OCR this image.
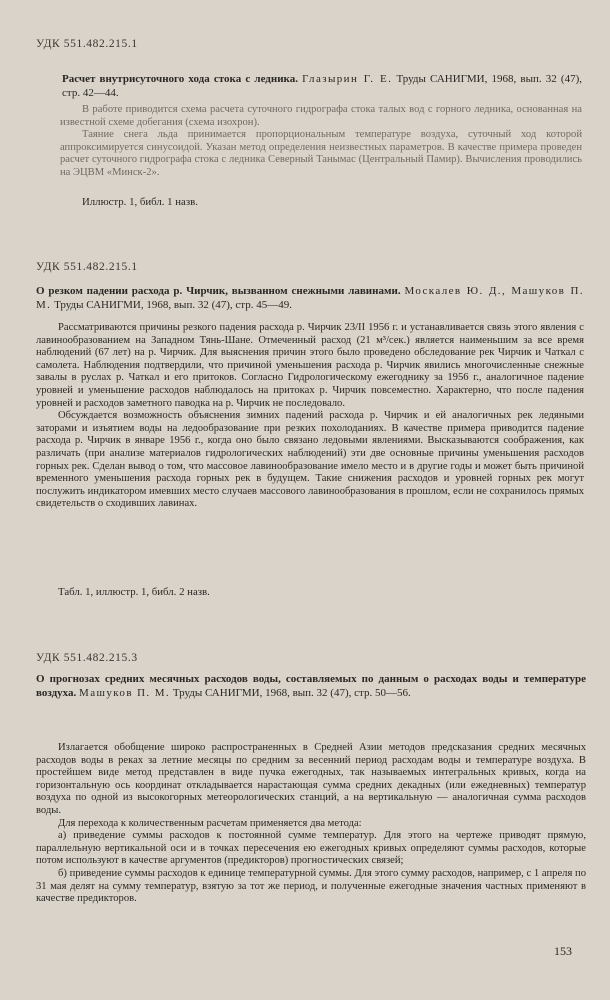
УДК 551.482.215.1
Расчет внутрисуточного хода стока с ледника. Глазырин Г. Е. Труды САНИГМИ, 1968, вып. 32 (47), стр. 42—44.

В работе приводится схема расчета суточного гидрографа стока талых вод с горного ледника, основанная на известной схеме добегания (схема изохрон).

Таяние снега льда принимается пропорциональным температуре воздуха, суточный ход которой аппроксимируется синусоидой. Указан метод определения неизвестных параметров. В качестве примера проведен расчет суточного гидрографа стока с ледника Северный Танымас (Центральный Памир). Вычисления проводились на ЭЦВМ «Минск-2».

Иллюстр. 1, библ. 1 назв.
УДК 551.482.215.1
О резком падении расхода р. Чирчик, вызванном снежными лавинами. Москалев Ю. Д., Машуков П. М. Труды САНИГМИ, 1968, вып. 32 (47), стр. 45—49.

Рассматриваются причины резкого падения расхода р. Чирчик 23/II 1956 г. и устанавливается связь этого явления с лавинообразованием на Западном Тянь-Шане. Отмеченный расход (21 м³/сек.) является наименьшим за все время наблюдений (67 лет) на р. Чирчик. Для выяснения причин этого было проведено обследование рек Чирчик и Чаткал с самолета. Наблюдения подтвердили, что причиной уменьшения расхода р. Чирчик явились многочисленные снежные завалы в руслах р. Чаткал и его притоков. Согласно Гидрологическому ежегоднику за 1956 г., аналогичное падение уровней и уменьшение расходов наблюдалось на притоках р. Чирчик повсеместно. Характерно, что после падения уровней и расходов заметного паводка на р. Чирчик не последовало.

Обсуждается возможность объяснения зимних падений расхода р. Чирчик и ей аналогичных рек ледяными заторами и изъятием воды на ледообразование при резких похолоданиях. В качестве примера приводится падение расхода р. Чирчик в январе 1956 г., когда оно было связано ледовыми явлениями. Высказываются соображения, как различать (при анализе материалов гидрологических наблюдений) эти две основные причины уменьшения расходов горных рек. Сделан вывод о том, что массовое лавинообразование имело место и в другие годы и может быть причиной временного уменьшения расхода горных рек в будущем. Такие снижения расходов и уровней горных рек могут послужить индикатором имевших место случаев массового лавинообразования в прошлом, если не сохранилось прямых свидетельств о сходивших лавинах.

Табл. 1, иллюстр. 1, библ. 2 назв.
УДК 551.482.215.3
О прогнозах средних месячных расходов воды, составляемых по данным о расходах воды и температуре воздуха. Машуков П. М. Труды САНИГМИ, 1968, вып. 32 (47), стр. 50—56.

Излагается обобщение широко распространенных в Средней Азии методов предсказания средних месячных расходов воды в реках за летние месяцы по средним за весенний период расходам воды и температуре воздуха. В простейшем виде метод представлен в виде пучка ежегодных, так называемых интегральных кривых, когда на горизонтальную ось координат откладывается нарастающая сумма средних декадных (или ежедневных) температур воздуха по одной из высокогорных метеорологических станций, а на вертикальную — аналогичная сумма расходов воды.

Для перехода к количественным расчетам применяется два метода:

а) приведение суммы расходов к постоянной сумме температур. Для этого на чертеже приводят прямую, параллельную вертикальной оси и в точках пересечения ею ежегодных кривых определяют суммы расходов, которые потом используют в качестве аргументов (предикторов) прогностических связей;

б) приведение суммы расходов к единице температурной суммы. Для этого сумму расходов, например, с 1 апреля по 31 мая делят на сумму температур, взятую за тот же период, и полученные ежегодные значения частных применяют в качестве предикторов.

153
